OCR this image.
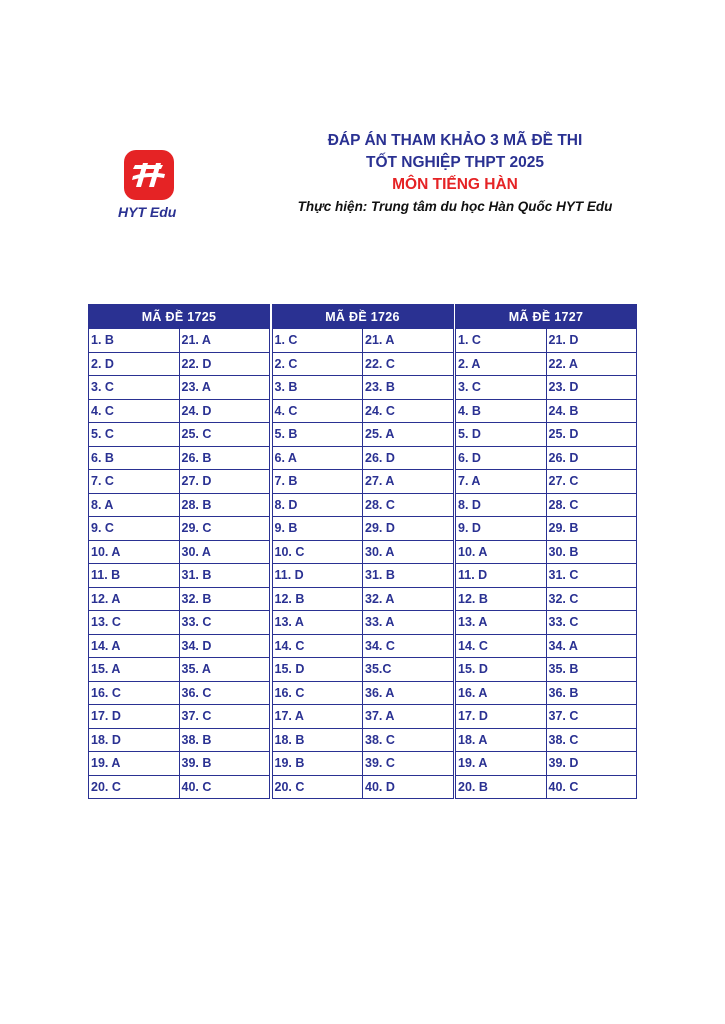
HYT Edu
ĐÁP ÁN THAM KHẢO 3 MÃ ĐỀ THI
TỐT NGHIỆP THPT 2025
MÔN TIẾNG HÀN
Thực hiện: Trung tâm du học Hàn Quốc HYT Edu
MÃ ĐỀ 1725
1. B	21. A
2. D	22. D
3. C	23. A
4. C	24. D
5. C	25. C
6. B	26. B
7. C	27. D
8. A	28. B
9. C	29. C
10. A	30. A
11. B	31. B
12. A	32. B
13. C	33. C
14. A	34. D
15. A	35. A
16. C	36. C
17. D	37. C
18. D	38. B
19. A	39. B
20. C	40. C
MÃ ĐỀ 1726
1. C	21. A
2. C	22. C
3. B	23. B
4. C	24. C
5. B	25. A
6. A	26. D
7. B	27. A
8. D	28. C
9. B	29. D
10. C	30. A
11. D	31. B
12. B	32. A
13. A	33. A
14. C	34. C
15. D	35.C
16. C	36. A
17. A	37. A
18. B	38. C
19. B	39. C
20. C	40. D
MÃ ĐỀ 1727
1. C	21. D
2. A	22. A
3. C	23. D
4. B	24. B
5. D	25. D
6. D	26. D
7. A	27. C
8. D	28. C
9. D	29. B
10. A	30. B
11. D	31. C
12. B	32. C
13. A	33. C
14. C	34. A
15. D	35. B
16. A	36. B
17. D	37. C
18. A	38. C
19. A	39. D
20. B	40. C
